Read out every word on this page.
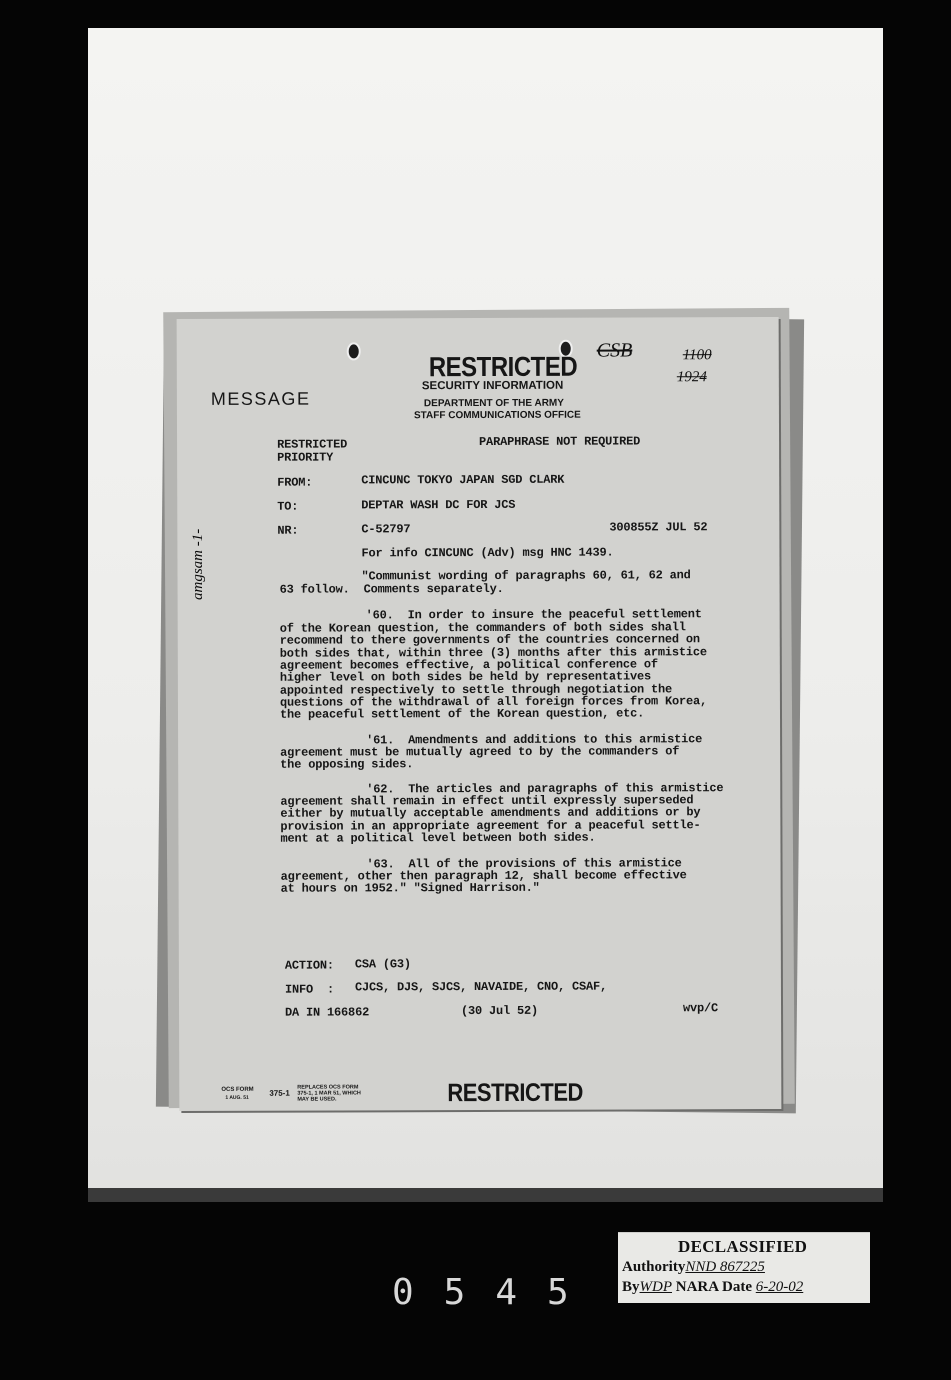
RESTRICTED
SECURITY INFORMATION
DEPARTMENT OF THE ARMY
STAFF COMMUNICATIONS OFFICE
MESSAGE
CSB	1100
1924
RESTRICTED
PRIORITY
PARAPHRASE NOT REQUIRED
FROM:	CINCUNC TOKYO JAPAN SGD CLARK
TO:	DEPTAR WASH DC FOR JCS
NR:	C-52797	300855Z JUL 52
For info CINCUNC (Adv) msg HNC 1439.
"Communist wording of paragraphs 60, 61, 62 and
63 follow.  Comments separately.
'60.  In order to insure the peaceful settlement
of the Korean question, the commanders of both sides shall
recommend to there governments of the countries concerned on
both sides that, within three (3) months after this armistice
agreement becomes effective, a political conference of
higher level on both sides be held by representatives
appointed respectively to settle through negotiation the
questions of the withdrawal of all foreign forces from Korea,
the peaceful settlement of the Korean question, etc.
'61.  Amendments and additions to this armistice
agreement must be mutually agreed to by the commanders of
the opposing sides.
'62.  The articles and paragraphs of this armistice
agreement shall remain in effect until expressly superseded
either by mutually acceptable amendments and additions or by
provision in an appropriate agreement for a peaceful settle-
ment at a political level between both sides.
'63.  All of the provisions of this armistice
agreement, other then paragraph 12, shall become effective
at hours on 1952." "Signed Harrison."
ACTION: CSA (G3)
INFO  : CJCS, DJS, SJCS, NAVAIDE, CNO, CSAF,
DA IN 166862	(30 Jul 52)	wvp/C
OCS FORM
1 AUG. 51
375-1
REPLACES OCS FORM
375-1, 1 MAR 51, WHICH
MAY BE USED.	RESTRICTED
amgsam -1-
DECLASSIFIED
AuthorityNND 867225
ByWDP NARA Date 6-20-02
0545
